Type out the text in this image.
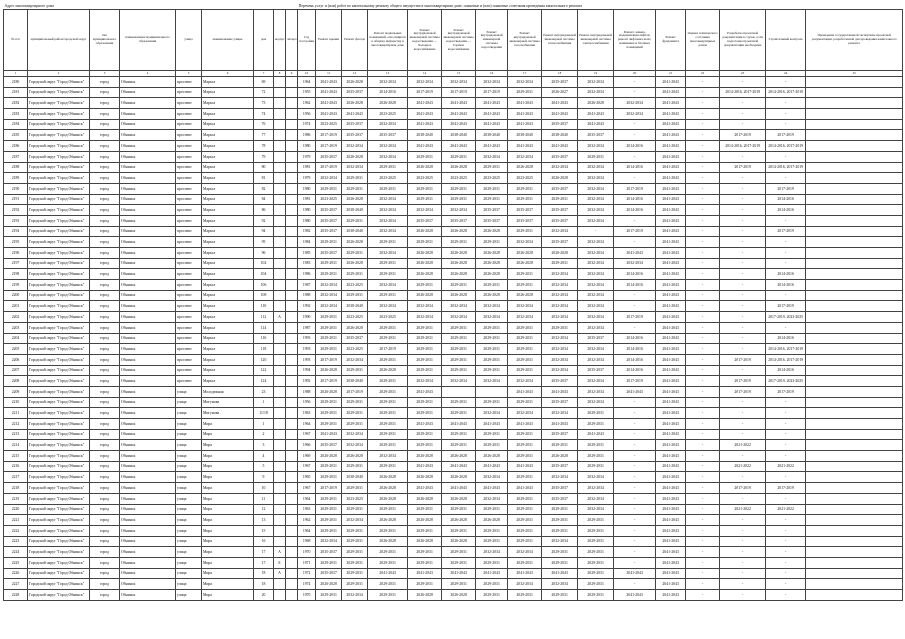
Адрес многоквартирного дома									Перечень услуг и (или) работ по капитальному ремонту общего имущества в многоквартирном доме, плановые и (или) плановые сочетания проведения капитального ремонта															
№ п/п	муниципальный район/городской округ	тип муниципального образования	наименование муниципального образования	улица	наименование улицы	дом	корпус	литера	Год постройки	Ремонт крыши	Ремонт фасада	Ремонт подвальных помещений, относящихся к общему имуществу в многоквартирном доме	Ремонт внутридомовой инженерной системы водоотведения — Холодное водоснабжение	Ремонт внутридомовой инженерной системы водоотведения — Горячее водоснабжение	Ремонт внутридомовой инженерной системы водоотведения	Ремонт внутридомовой инженерной системы газоснабжения	Ремонт внутридомовой инженерной системы теплоснабжения	Ремонт внутридомовой инженерной системы электроснабжения	Ремонт, замена, модернизация лифтов, ремонт лифтовых шахт, машинных и блочных помещений	Ремонт фундамента	Оценка технического состояния многоквартирных домов	Разработка проектной документации в случае, если подготовка проектной документации необходима	Строительный контроль	Проведение государственной экспертизы проектной документации, разработанной для проведения капитального ремонта
1	2	3	4	5	6	7	8	9	10	11	12	13	14	15	16	17	18	19	20	21	22	23	24	25
2180	Городской округ "Город Обнинск"	город	Обнинск	проспект	Маркса	69			1964	2041-2043	2026-2028	2032-2034	2032-2034	2032-2034	2032-2034	2032-2034	2035-2037	2032-2034	-	2041-2043	-	-	-	
2181	Городской округ "Город Обнинск"	город	Обнинск	проспект	Маркса	72			1955	2041-2043	2035-2037	2014-2016	2017-2019	2017-2019	2017-2019	2029-2031	2026-2027	2032-2034	-	2041-2043	-	2014-2016, 2017-2019	2014-2016, 2017-2019	
2182	Городской округ "Город Обнинск"	город	Обнинск	проспект	Маркса	73			1962	2041-2043	2026-2028	2026-2028	2041-2043	2041-2043	2041-2043	2041-2043	2041-2043	2026-2028	2032-2034	2041-2043	-	-	-	
2183	Городской округ "Город Обнинск"	город	Обнинск	проспект	Маркса	74			1956	2041-2043	2041-2043	2023-2025	2041-2043	2041-2043	2041-2043	2041-2043	2041-2043	2041-2043	2032-2034	2041-2043	-	-	-	
2184	Городской округ "Город Обнинск"	город	Обнинск	проспект	Маркса	76			1974	2023-2025	2035-2037	2032-2034	2041-2043	2041-2043	2041-2043	2041-2043	2035-2037	2041-2043	-	2041-2043	-	-	-	
2185	Городской округ "Город Обнинск"	город	Обнинск	проспект	Маркса	77			1986	2017-2019	2035-2037	2035-2037	2038-2040	2038-2040	2038-2040	2038-2040	2038-2040	2035-2037	-	2041-2043	-	2017-2019	2017-2019	
2186	Городской округ "Город Обнинск"	город	Обнинск	проспект	Маркса	78			1980	2017-2019	2032-2034	2032-2034	2041-2043	2041-2043	2041-2043	2041-2043	2041-2043	2032-2034	2014-2016	2041-2043	-	2014-2016, 2017-2019	2014-2016, 2017-2019	
2187	Городской округ "Город Обнинск"	город	Обнинск	проспект	Маркса	79			1979	2035-2037	2026-2028	2032-2034	2029-2031	2029-2031	2032-2034	2032-2034	2035-2037	2029-2031	-	2041-2043	-	-	-	
2188	Городской округ "Город Обнинск"	город	Обнинск	проспект	Маркса	80			1981	2017-2019	2032-2034	2029-2031	2026-2028	2026-2028	2029-2031	2026-2028	2032-2034	2032-2034	2014-2016	2041-2043	-	2017-2019	2014-2016, 2017-2019	
2189	Городской округ "Город Обнинск"	город	Обнинск	проспект	Маркса	81			1979	2032-2034	2029-2031	2023-2025	2023-2025	2023-2025	2023-2025	2023-2025	2026-2028	2032-2034	-	2041-2043	-	-	-	
2190	Городской округ "Город Обнинск"	город	Обнинск	проспект	Маркса	82			1980	2029-2031	2029-2031	2029-2031	2029-2031	2029-2031	2029-2031	2029-2031	2035-2037	2032-2034	2017-2019	2041-2043	-	-	2017-2019	
2191	Городской округ "Город Обнинск"	город	Обнинск	проспект	Маркса	84			1981	2023-2025	2026-2028	2032-2034	2029-2031	2029-2031	2029-2031	2029-2031	2029-2031	2032-2034	2014-2016	2041-2043	-	-	2014-2016	
2192	Городской округ "Город Обнинск"	город	Обнинск	проспект	Маркса	86			1980	2035-2037	2038-2040	2032-2034	2032-2034	2032-2034	2035-2037	2035-2037	2035-2037	2032-2034	2014-2016	2041-2043	-	-	2014-2016	
2193	Городской округ "Город Обнинск"	город	Обнинск	проспект	Маркса	92			1980	2035-2037	2029-2031	2032-2034	2035-2037	2035-2037	2035-2037	2035-2037	2035-2037	2032-2034	-	2041-2043	-	-	-	
2194	Городской округ "Город Обнинск"	город	Обнинск	проспект	Маркса	94			1982	2035-2037	2038-2040	2032-2034	2026-2028	2026-2028	2026-2028	2029-2031	2032-2034	-	2017-2019	2041-2043	-	-	2017-2019	
2195	Городской округ "Город Обнинск"	город	Обнинск	проспект	Маркса	95			1984	2029-2031	2026-2028	2029-2031	2029-2031	2029-2031	2029-2031	2032-2034	2035-2037	2032-2034	-	2041-2043	-	-	-	
2196	Городской округ "Город Обнинск"	город	Обнинск	проспект	Маркса	96			1985	2035-2037	2029-2031	2032-2034	2026-2028	2026-2028	2026-2028	2026-2028	2026-2028	2032-2034	2041-2043	2041-2043	-	-	-	
2197	Городской округ "Город Обнинск"	город	Обнинск	проспект	Маркса	102			1983	2029-2031	2026-2028	2029-2031	2026-2028	2026-2028	2026-2028	2026-2028	2029-2031	2032-2034	2032-2034	2041-2043	-	-	-	
2198	Городской округ "Город Обнинск"	город	Обнинск	проспект	Маркса	104			1986	2029-2031	2029-2031	2029-2031	2026-2028	2026-2028	2026-2028	2029-2031	2032-2034	2032-2034	2014-2016	2041-2043	-	-	2014-2016	
2199	Городской округ "Город Обнинск"	город	Обнинск	проспект	Маркса	106			1987	2032-2034	2023-2025	2032-2034	2029-2031	2029-2031	2029-2031	2029-2031	2032-2034	2032-2034	2014-2016	2041-2043	-	-	2014-2016	
2200	Городской округ "Город Обнинск"	город	Обнинск	проспект	Маркса	108			1988	2032-2034	2029-2031	2029-2031	2026-2028	2026-2028	2026-2028	2026-2028	2032-2034	2032-2034	-	2041-2043	-	-	-	
2201	Городской округ "Город Обнинск"	город	Обнинск	проспект	Маркса	110			1992	2032-2034	2038-2040	2032-2034	2032-2034	2032-2034	2032-2034	2032-2034	2032-2034	2032-2034	-	2041-2043	-	-	2017-2019	
2202	Городской округ "Город Обнинск"	город	Обнинск	проспект	Маркса	112	А		1990	2029-2031	2023-2025	2023-2025	2032-2034	2032-2034	2032-2034	2032-2034	2032-2034	2032-2034	2017-2019	2041-2043	-	-	2017-2019, 2023-2025	
2203	Городской округ "Город Обнинск"	город	Обнинск	проспект	Маркса	114			1987	2029-2031	2026-2028	2029-2031	2029-2031	2029-2031	2029-2031	2029-2031	2029-2031	2032-2034	-	2041-2043	-	-	-	
2204	Городской округ "Город Обнинск"	город	Обнинск	проспект	Маркса	116			1993	2029-2031	2035-2037	2029-2031	2029-2031	2029-2031	2029-2031	2029-2031	2032-2034	2035-2037	2014-2016	2041-2043	-	-	2014-2016	
2205	Городской округ "Город Обнинск"	город	Обнинск	проспект	Маркса	118			1993	2029-2031	2023-2025	2017-2019	2029-2031	2029-2031	2029-2031	2029-2031	2032-2034	2032-2034	2014-2016	2041-2043	-	-	2014-2016, 2017-2019	
2206	Городской округ "Город Обнинск"	город	Обнинск	проспект	Маркса	120			1993	2017-2019	2032-2034	2029-2031	2029-2031	2029-2031	2029-2031	2029-2031	2032-2034	2032-2034	2014-2016	2041-2043	-	2017-2019	2014-2016, 2017-2019	
2207	Городской округ "Город Обнинск"	город	Обнинск	проспект	Маркса	122			1994	2026-2028	2029-2031	2026-2028	2029-2031	2029-2031	2029-2031	2029-2031	2032-2034	2035-2037	2014-2016	2041-2043	-	-	2014-2016	
2208	Городской округ "Город Обнинск"	город	Обнинск	проспект	Маркса	124			1992	2017-2019	2038-2040	2029-2031	2032-2034	2032-2034	2032-2034	2032-2034	2035-2037	2032-2034	2017-2019	2041-2043	-	2017-2019	2017-2019, 2023-2025	
2209	Городской округ "Город Обнинск"	город	Обнинск	улица	Молодежная	23			1988	2026-2028	2017-2019	2029-2031	2041-2043			2041-2043	2041-2043	2032-2034	2041-2043	2041-2043	-	2017-2019	2017-2019	
2210	Городской округ "Город Обнинск"	город	Обнинск	улица	Мигунова	1			1956	2029-2031	2029-2031	2029-2031	2029-2031	2029-2031	2029-2031	2029-2031	2035-2037	2032-2034	-	2041-2043	-	-	-	
2211	Городской округ "Город Обнинск"	город	Обнинск	улица	Мигунова	11/18			1963	2029-2031	2029-2031	2029-2031	2029-2031	2029-2031	2032-2034	2032-2034	2032-2034	2029-2031	-	2041-2043	-	-	-	
2212	Городской округ "Город Обнинск"	город	Обнинск	улица	Мира	1			1964	2029-2031	2029-2031	2029-2031	2041-2043	2041-2043	2041-2043	2041-2043	2041-2043	2029-2031	-	2041-2043	-	-	-	
2213	Городской округ "Город Обнинск"	город	Обнинск	улица	Мира	2			1967	2041-2043	2032-2034	2029-2031	2029-2031	2029-2031	2029-2031	2029-2031	2035-2037	2041-2043	-	2041-2043	-	-	-	
2214	Городской округ "Город Обнинск"	город	Обнинск	улица	Мира	3			1966	2035-2037	2032-2034	2029-2031	2029-2031	2029-2031	2029-2031	2029-2031	2029-2031	2029-2031	-	2041-2043	-	2021-2022	-	
2215	Городской округ "Город Обнинск"	город	Обнинск	улица	Мира	4			1969	2026-2028	2026-2028	2032-2034	2026-2028	2026-2028	2026-2028	2029-2031	2026-2028	2029-2031	-	2041-2043	-	-	-	
2216	Городской округ "Город Обнинск"	город	Обнинск	улица	Мира	5			1967	2029-2031	2029-2031	2029-2031	2041-2043	2041-2043	2041-2043	2041-2043	2035-2037	2029-2031	-	2041-2043	-	2021-2022	2021-2022	
2217	Городской округ "Город Обнинск"	город	Обнинск	улица	Мира	9			1965	2029-2031	2038-2040	2026-2028	2026-2028	2026-2028	2032-2034	2029-2031	2032-2034	2032-2034	-	2041-2043	-	-	-	
2218	Городской округ "Город Обнинск"	город	Обнинск	улица	Мира	10			1967	2017-2019	2029-2031	2026-2028	2041-2043	2041-2043	2041-2043	2041-2043	2035-2037	2032-2034	-	2041-2043	-	2017-2019	2017-2019	
2219	Городской округ "Город Обнинск"	город	Обнинск	улица	Мира	11			1964	2029-2031	2023-2025	2026-2028	2026-2028	2026-2028	2032-2034	2029-2031	2035-2037	2032-2034	-	2041-2043	-	-	-	
2220	Городской округ "Город Обнинск"	город	Обнинск	улица	Мира	12			1963	2029-2031	2029-2031	2029-2031	2029-2031	2029-2031	2029-2031	2029-2031	2029-2031	2032-2034	-	2041-2043	-	2021-2022	2021-2022	
2221	Городской округ "Город Обнинск"	город	Обнинск	улица	Мира	13			1962	2029-2031	2032-2034	2026-2028	2026-2028	2026-2028	2026-2028	2029-2031	2029-2031	2029-2031	-	2041-2043	-	-	-	
2222	Городской округ "Город Обнинск"	город	Обнинск	улица	Мира	15			1964	2029-2031	2029-2031	2029-2031	2029-2031	2029-2031	2029-2031	2029-2031	2029-2031	2029-2031	-	2041-2043	-	-	-	
2223	Городской округ "Город Обнинск"	город	Обнинск	улица	Мира	16			1968	2032-2034	2029-2031	2026-2028	2026-2028	2026-2028	2029-2031	2029-2031	2032-2034	2029-2031	-	2041-2043	-	-	-	
2224	Городской округ "Город Обнинск"	город	Обнинск	улица	Мира	17	А		1970	2035-2037	2029-2031	2029-2031	2029-2031	2029-2031	2032-2034	2032-2034	2029-2031	2029-2031	-	2041-2043	-	-	-	
2225	Городской округ "Город Обнинск"	город	Обнинск	улица	Мира	17	Б		1971	2029-2031	2029-2031	2029-2031	2029-2031	2029-2031	2029-2031	2029-2031	2029-2031	2029-2031	-	2041-2043	-	-	-	
2226	Городской округ "Город Обнинск"	город	Обнинск	улица	Мира	18	А		1972	2035-2037	2029-2031	2041-2043	2041-2043	2041-2043	2041-2043	2041-2043	2041-2043	2029-2031	2041-2043	2041-2043	-	-	-	
2227	Городской округ "Город Обнинск"	город	Обнинск	улица	Мира	18			1974	2026-2028	2029-2031	2029-2031	2029-2031	2029-2031	2029-2031	2032-2034	2032-2034	2029-2031	-	2041-2043	-	-	-	
2228	Городской округ "Город Обнинск"	город	Обнинск	улица	Мира	20			1970	2029-2031	2032-2034	2029-2031	2026-2028	2026-2028	2029-2031	2029-2031	2029-2031	2029-2031	2041-2043	2041-2043	-	-	-	
